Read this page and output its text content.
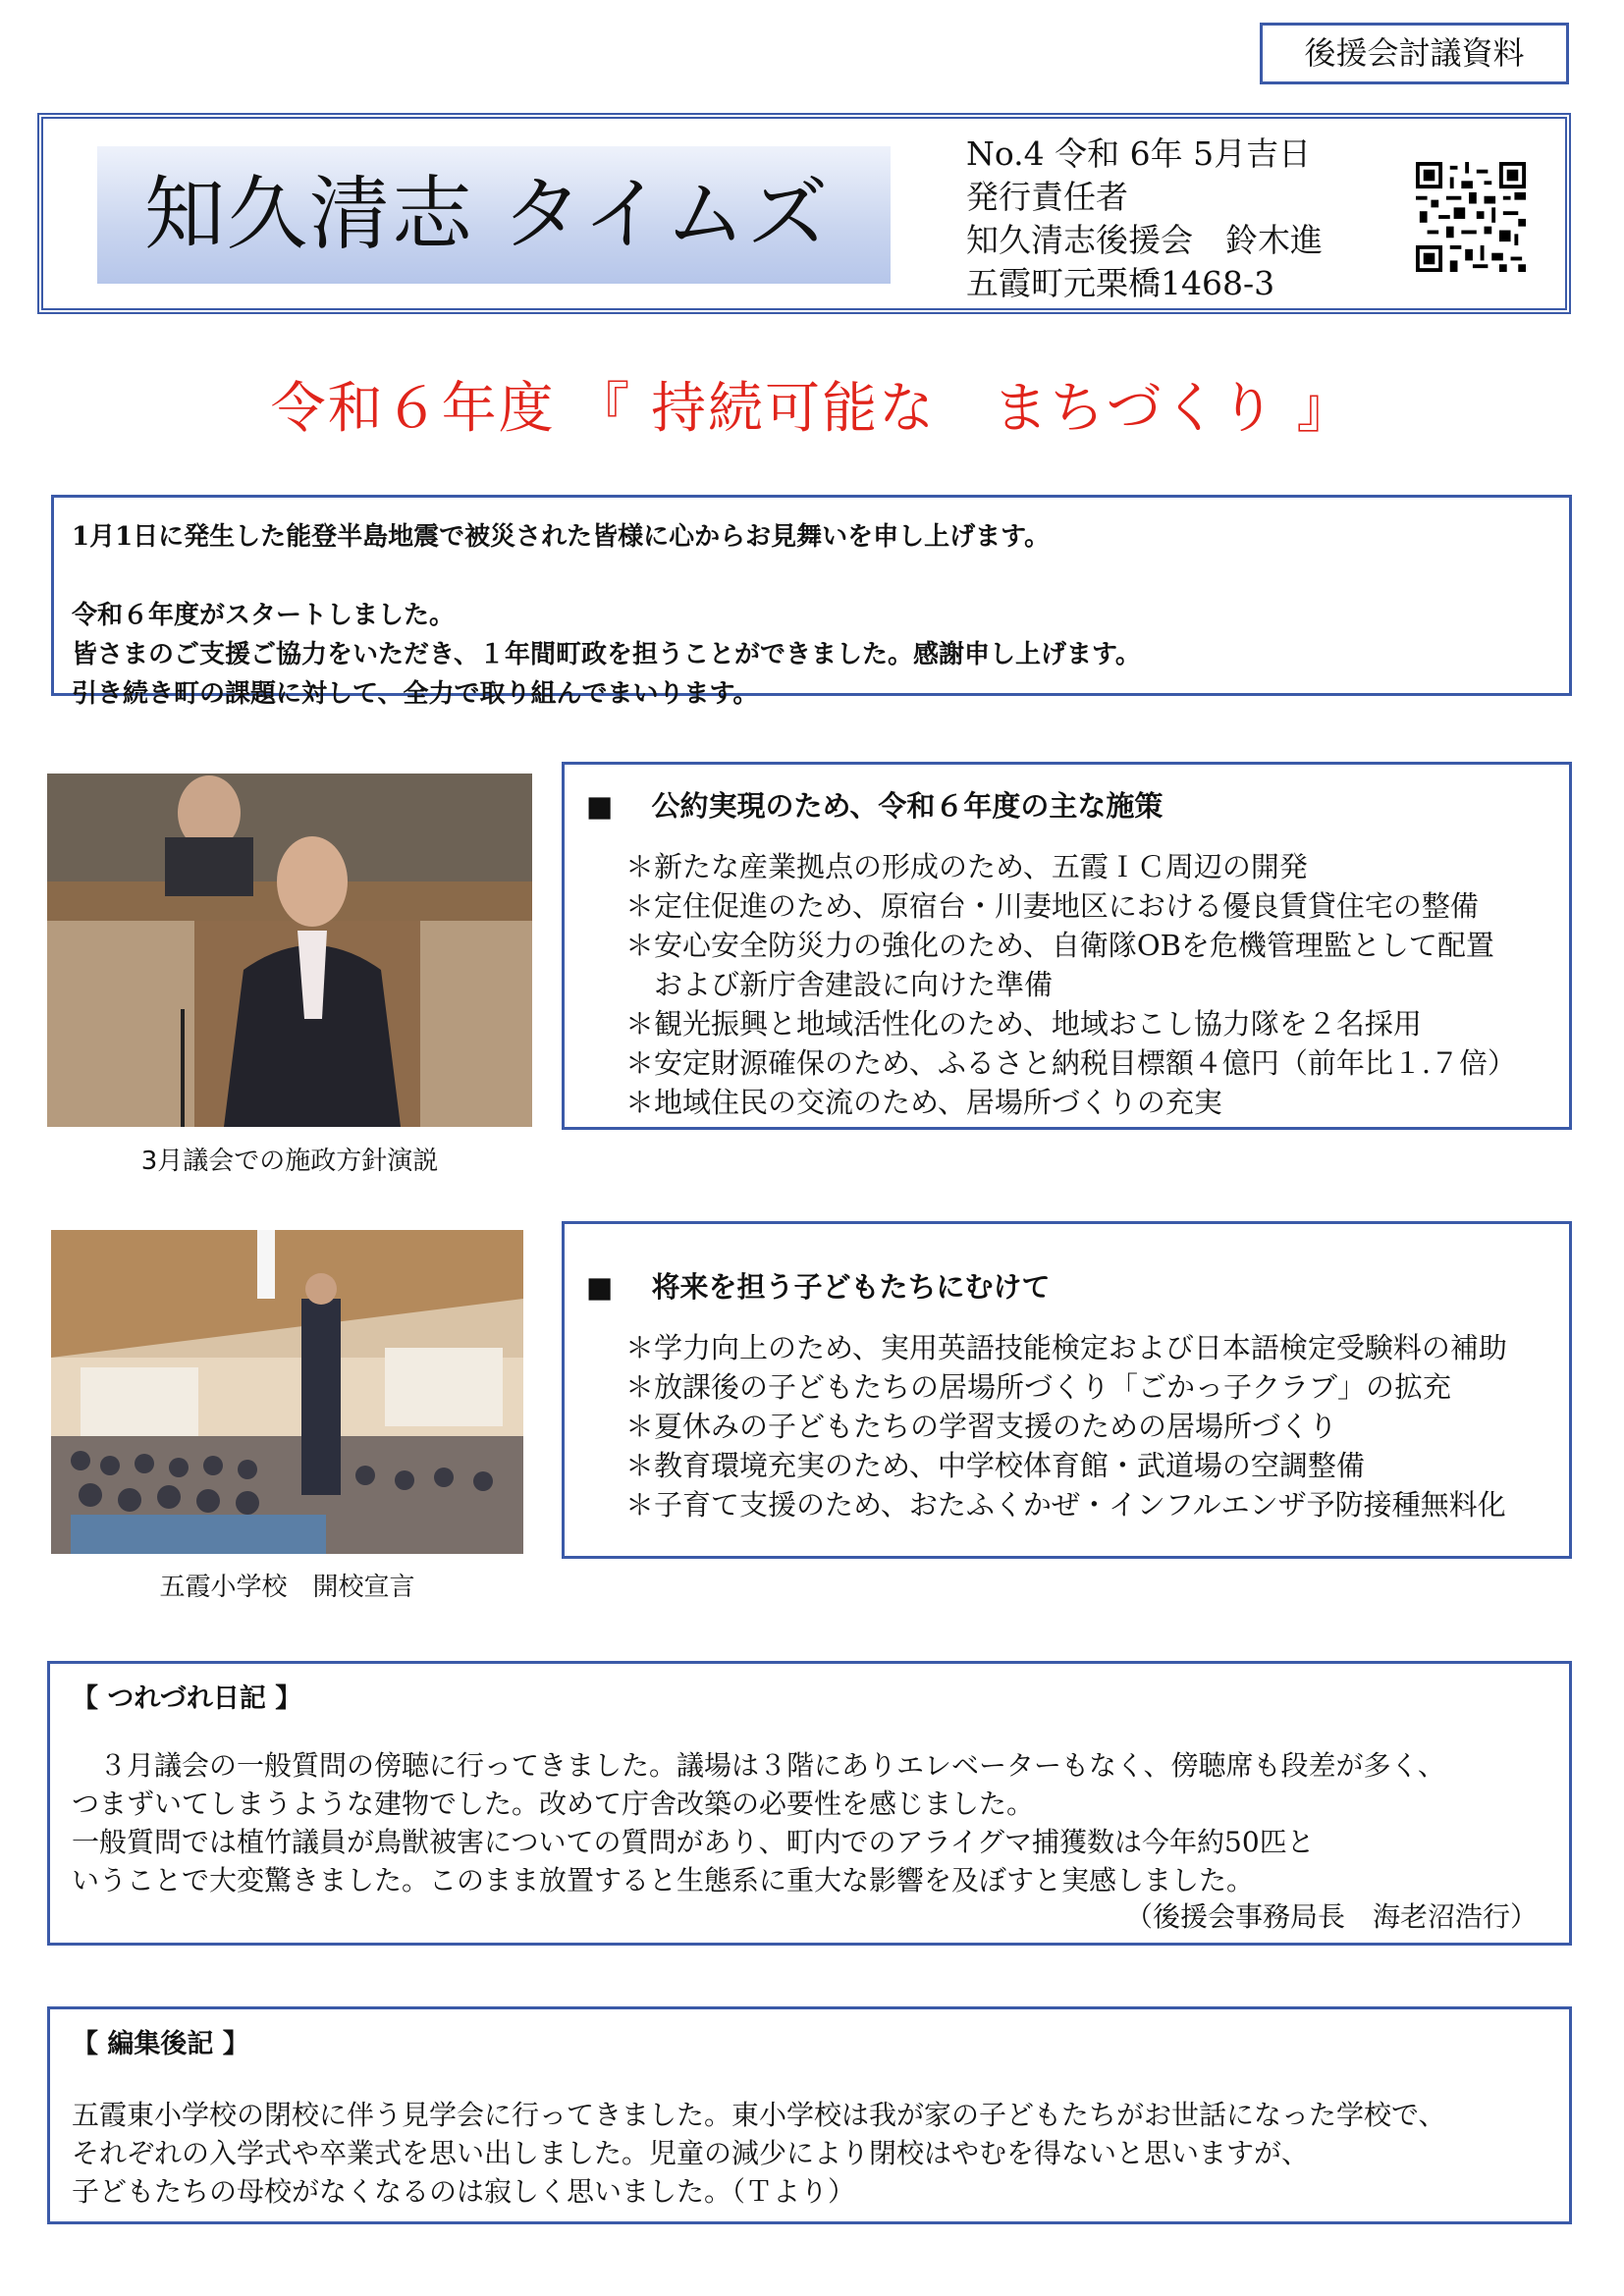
後援会討議資料
知久清志 タイムズ
No.4 令和 6年 5月吉日
発行責任者
知久清志後援会　鈴木進
五霞町元栗橋1468-3
令和６年度 『 持続可能な　まちづくり 』

1月1日に発生した能登半島地震で被災された皆様に心からお見舞いを申し上げます。

令和６年度がスタートしました。

皆さまのご支援ご協力をいただき、１年間町政を担うことができました。感謝申し上げます。

引き続き町の課題に対して、全力で取り組んでまいります。

3月議会での施政方針演説
■　 公約実現のため、令和６年度の主な施策
＊新たな産業拠点の形成のため、五霞ＩＣ周辺の開発
＊定住促進のため、原宿台・川妻地区における優良賃貸住宅の整備
＊安心安全防災力の強化のため、自衛隊OBを危機管理監として配置
　および新庁舎建設に向けた準備
＊観光振興と地域活性化のため、地域おこし協力隊を２名採用
＊安定財源確保のため、ふるさと納税目標額４億円（前年比１.７倍）
＊地域住民の交流のため、居場所づくりの充実
五霞小学校　開校宣言
■　 将来を担う子どもたちにむけて
＊学力向上のため、実用英語技能検定および日本語検定受験料の補助
＊放課後の子どもたちの居場所づくり「ごかっ子クラブ」の拡充
＊夏休みの子どもたちの学習支援のための居場所づくり
＊教育環境充実のため、中学校体育館・武道場の空調整備
＊子育て支援のため、おたふくかぜ・インフルエンザ予防接種無料化
【 つれづれ日記 】
　３月議会の一般質問の傍聴に行ってきました。議場は３階にありエレベーターもなく、傍聴席も段差が多く、
つまずいてしまうような建物でした。改めて庁舎改築の必要性を感じました。
一般質問では植竹議員が鳥獣被害についての質問があり、町内でのアライグマ捕獲数は今年約50匹と
いうことで大変驚きました。このまま放置すると生態系に重大な影響を及ぼすと実感しました。
（後援会事務局長　海老沼浩行）
【 編集後記 】
五霞東小学校の閉校に伴う見学会に行ってきました。東小学校は我が家の子どもたちがお世話になった学校で、
それぞれの入学式や卒業式を思い出しました。児童の減少により閉校はやむを得ないと思いますが、
子どもたちの母校がなくなるのは寂しく思いました。（Ｔより）
